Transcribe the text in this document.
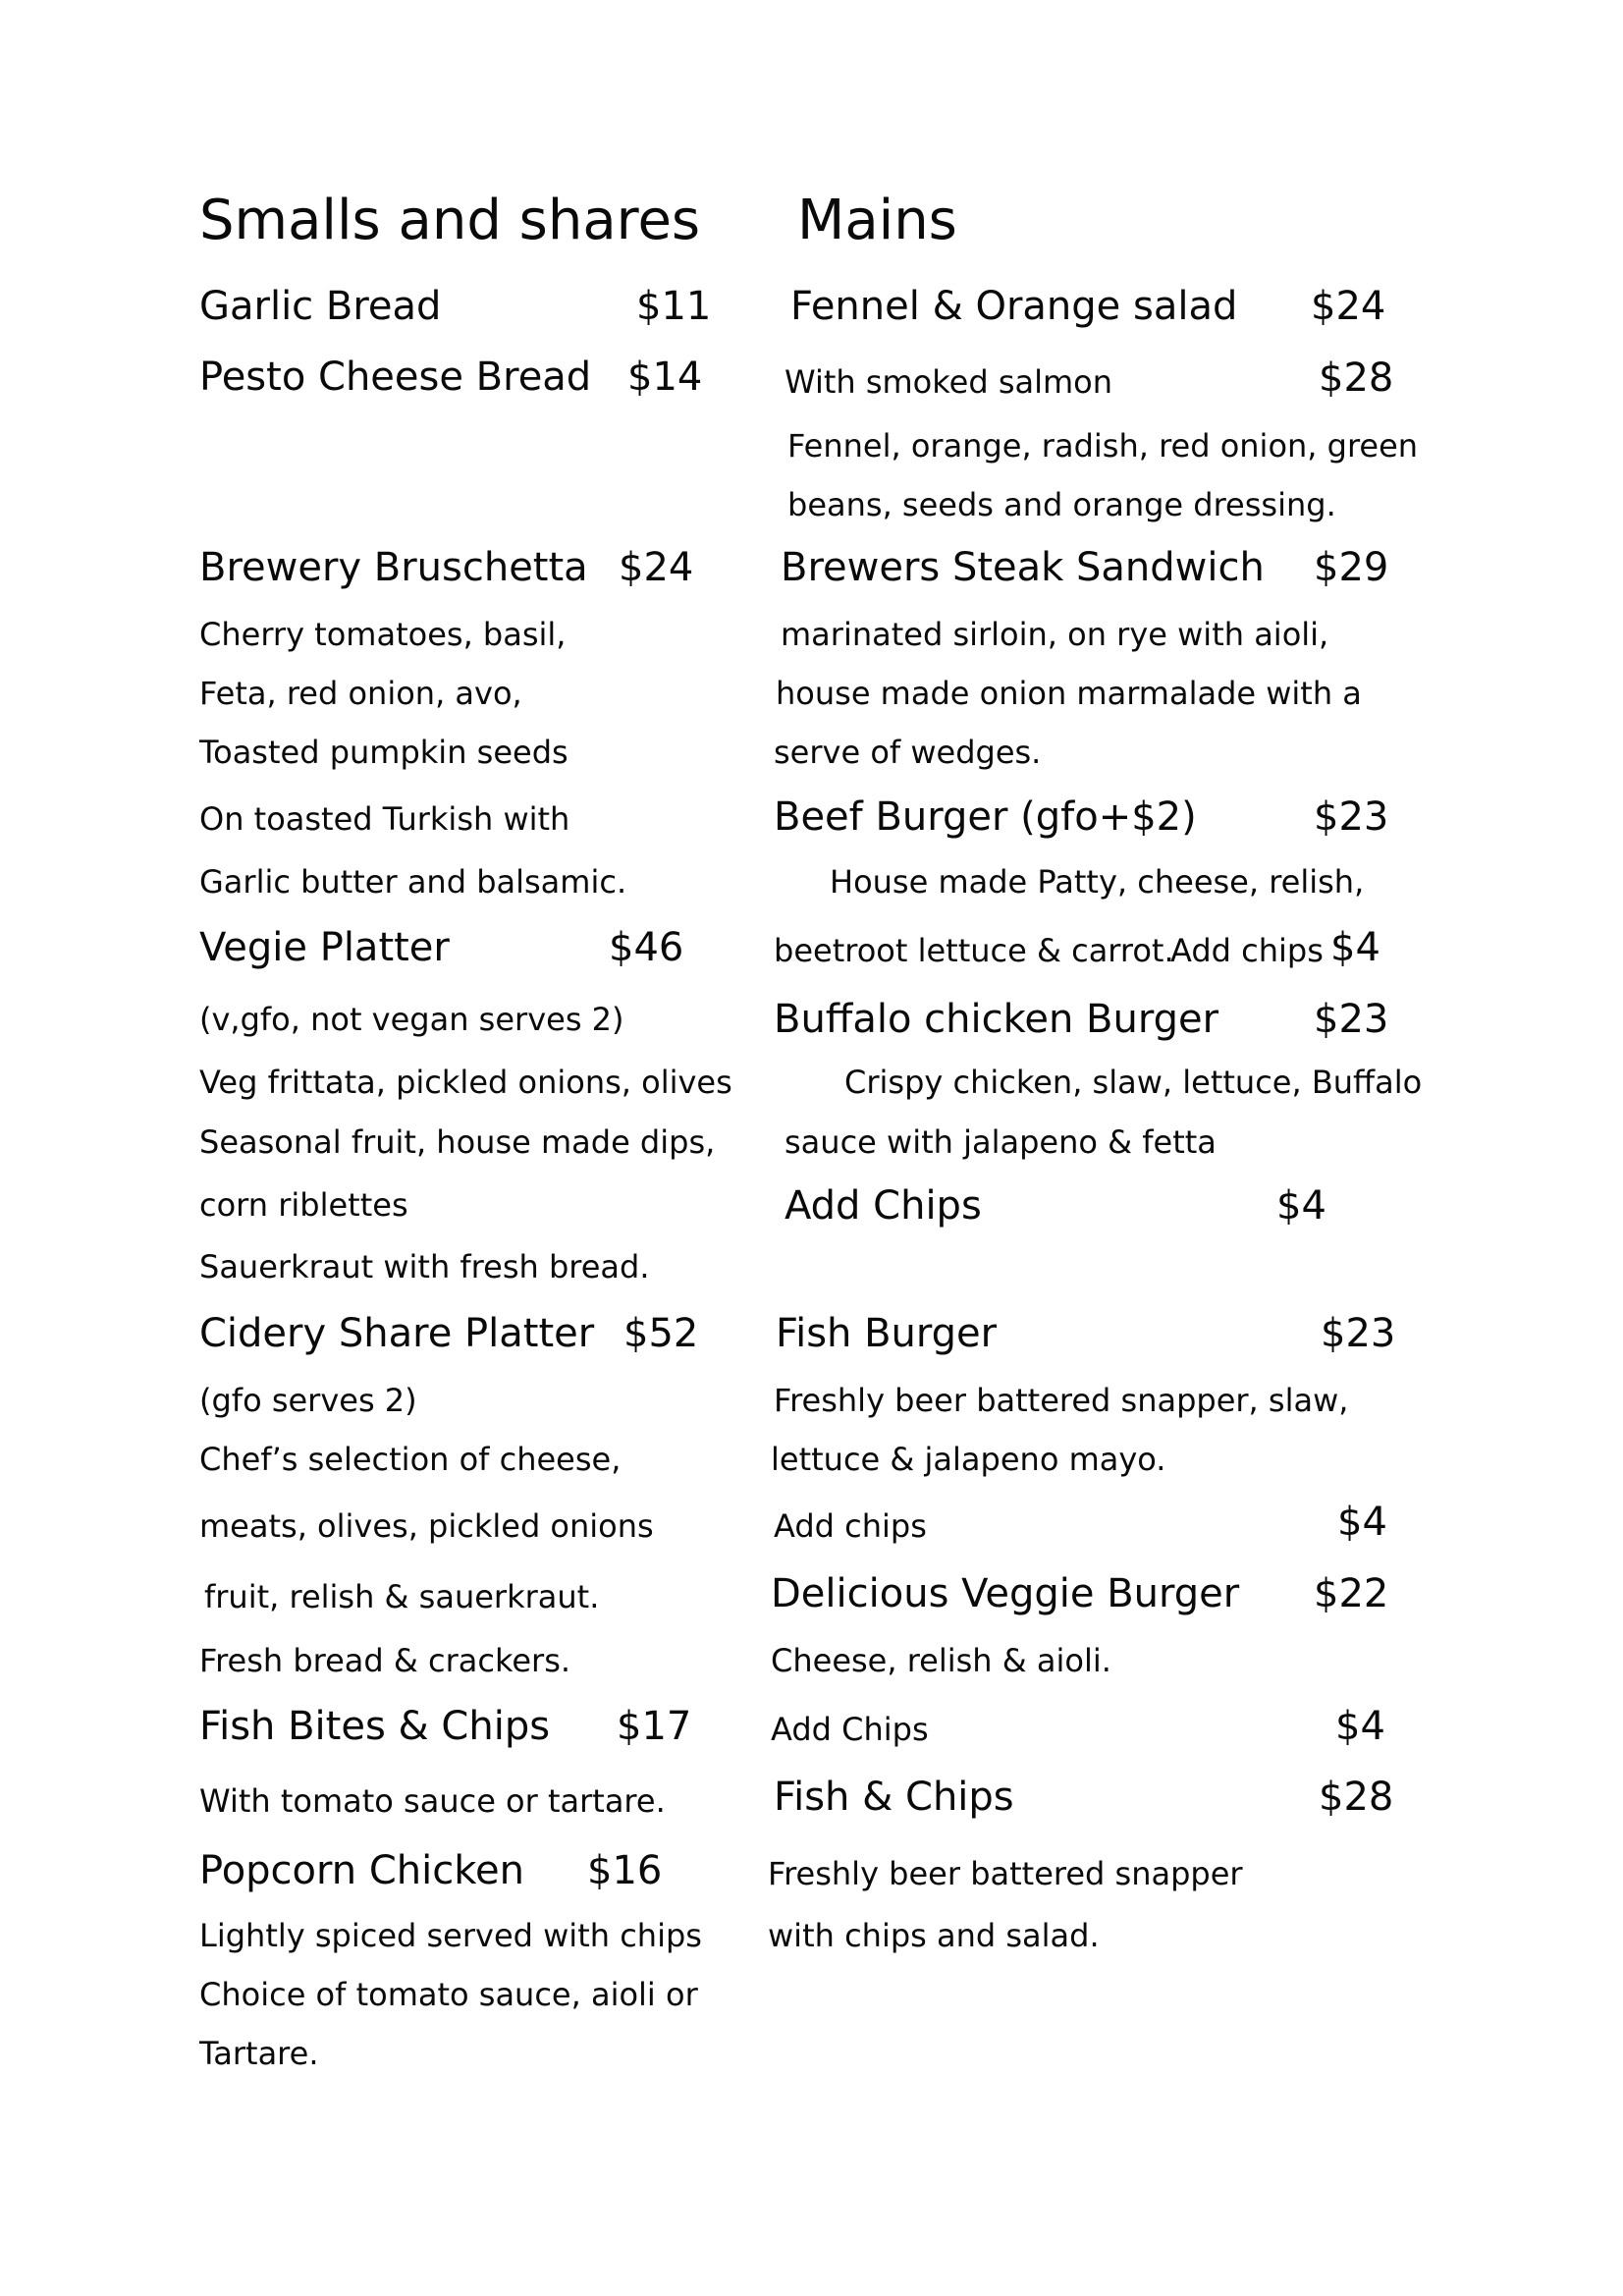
Smalls and shares
Garlic Bread	$11
Pesto Cheese Bread $14
Brewery Bruschetta $24
Cherry tomatoes, basil,
Feta, red onion, avo,
Toasted pumpkin seeds
On toasted Turkish with
Garlic butter and balsamic.
Vegie Platter	$46
(v,gfo, not vegan serves 2)
Veg frittata, pickled onions, olives
Seasonal fruit, house made dips,
corn riblettes
Sauerkraut with fresh bread.
Cidery Share Platter $52
(gfo serves 2)
Chef’s selection of cheese,
meats, olives, pickled onions
fruit, relish & sauerkraut.
Fresh bread & crackers.
Fish Bites & Chips $17
With tomato sauce or tartare.
Popcorn Chicken $16
Lightly spiced served with chips
Choice of tomato sauce, aioli or
Tartare.
Mains
Fennel & Orange salad $24
With smoked salmon	$28
Fennel, orange, radish, red onion, green
beans, seeds and orange dressing.
Brewers Steak Sandwich $29
marinated sirloin, on rye with aioli,
house made onion marmalade with a
serve of wedges.
Beef Burger (gfo+$2)	$23
House made Patty, cheese, relish,
beetroot lettuce & carrot.
Add chips $4
Buffalo chicken Burger $23
Crispy chicken, slaw, lettuce, Buffalo
sauce with jalapeno & fetta
Add Chips	$4
Fish Burger	$23
Freshly beer battered snapper, slaw,
lettuce & jalapeno mayo.
Add chips	$4
Delicious Veggie Burger $22
Cheese, relish & aioli.
Add Chips	$4
Fish & Chips	$28
Freshly beer battered snapper
with chips and salad.
